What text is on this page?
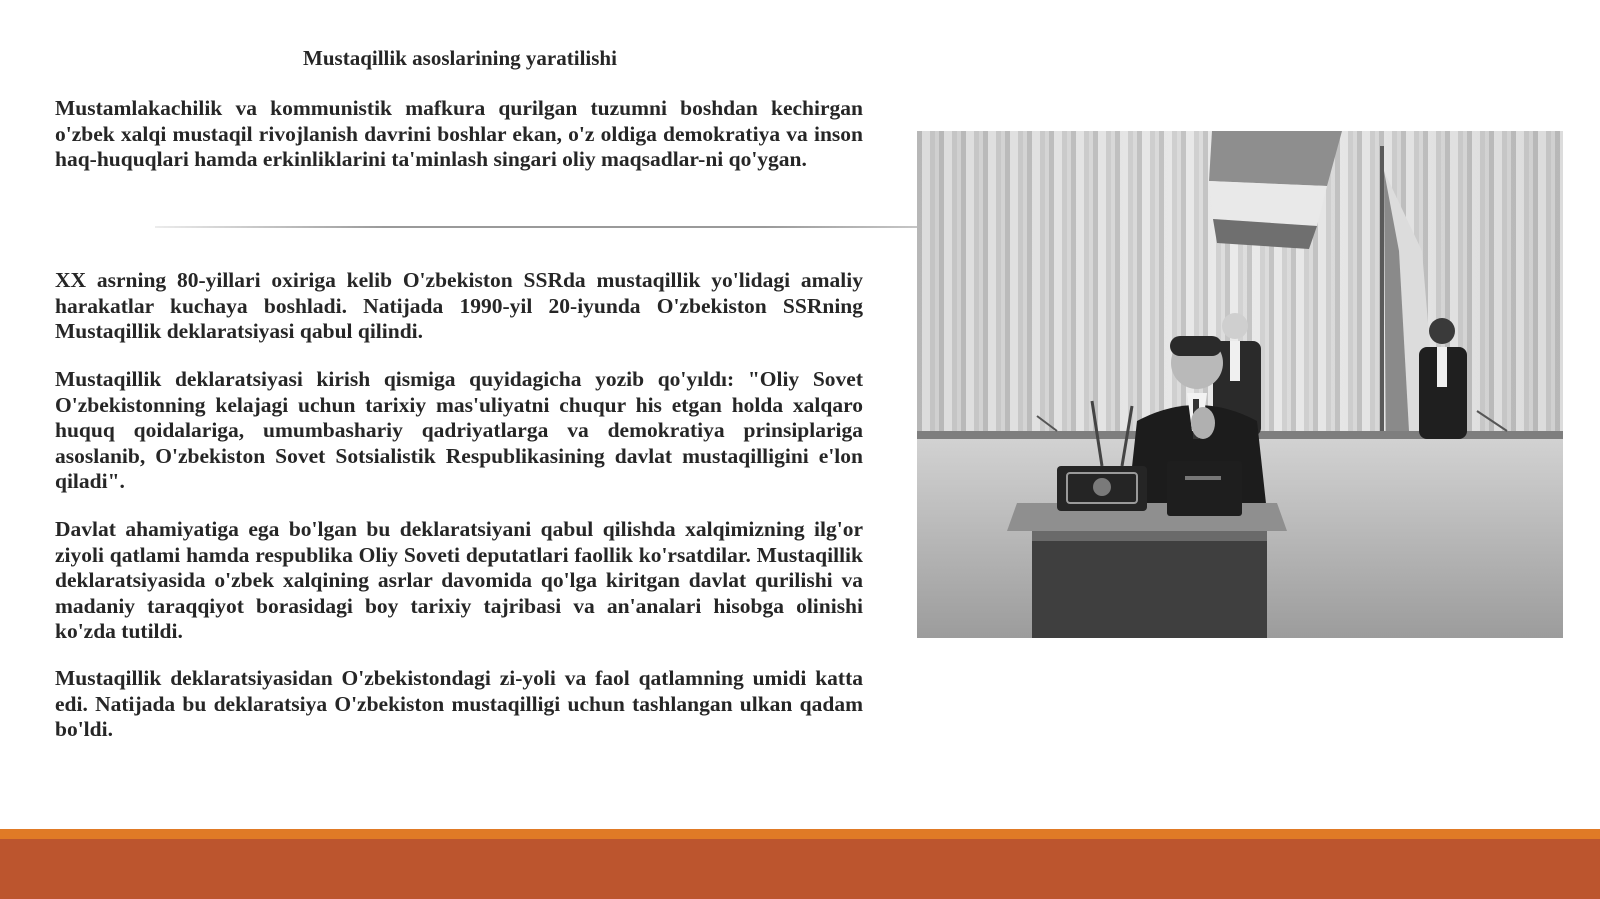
Mustaqillik asoslarining yaratilishi

Mustamlakachilik va kommunistik mafkura qurilgan tuzumni boshdan kechirgan o'zbek xalqi mustaqil rivojlanish davrini boshlar ekan, o'z oldiga demokratiya va inson haq-huquqlari hamda erkinliklarini ta'minlash singari oliy maqsadlar-ni qo'ygan.

XX asrning 80-yillari oxiriga kelib O'zbekiston SSRda mustaqillik yo'lidagi amaliy harakatlar kuchaya boshladi. Natijada 1990-yil 20-iyunda O'zbekiston SSRning Mustaqillik deklaratsiyasi qabul qilindi.

Mustaqillik deklaratsiyasi kirish qismiga quyidagicha yozib qo'yıldı: "Oliy Sovet O'zbekistonning kelajagi uchun tarixiy mas'uliyatni chuqur his etgan holda xalqaro huquq qoidalariga, umumbashariy qadriyatlarga va demokratiya prinsiplariga asoslanib, O'zbekiston Sovet Sotsialistik Respublikasining davlat mustaqilligini e'lon qiladi".

Davlat ahamiyatiga ega bo'lgan bu deklaratsiyani qabul qilishda xalqimizning ilg'or ziyoli qatlami hamda respublika Oliy Soveti deputatlari faollik ko'rsatdilar. Mustaqillik deklaratsiyasida o'zbek xalqining asrlar davomida qo'lga kiritgan davlat qurilishi va madaniy taraqqiyot borasidagi boy tarixiy tajribasi va an'analari hisobga olinishi ko'zda tutildi.

Mustaqillik deklaratsiyasidan O'zbekistondagi zi-yoli va faol qatlamning umidi katta edi. Natijada bu deklaratsiya O'zbekiston mustaqilligi uchun tashlangan ulkan qadam bo'ldi.
